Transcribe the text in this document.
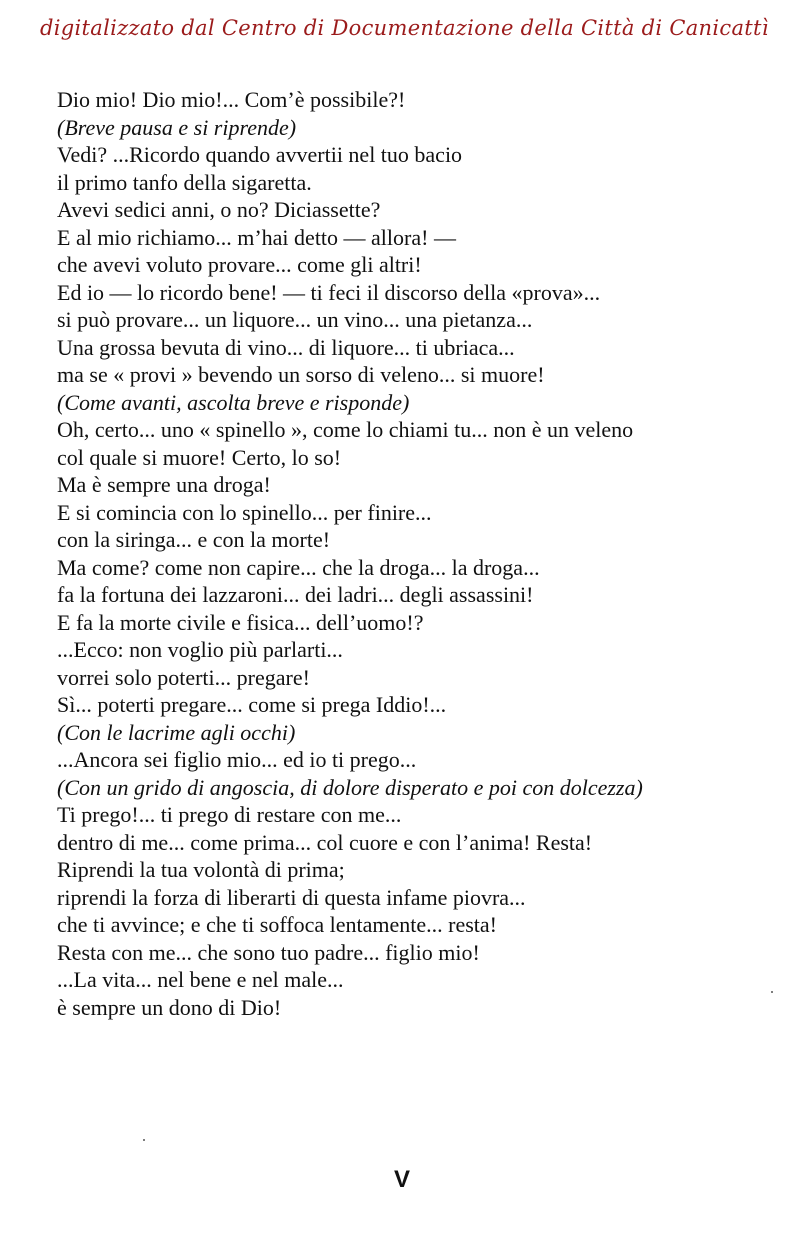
digitalizzato dal Centro di Documentazione della Città di Canicattì
Dio mio! Dio mio!... Com’è possibile?!
(Breve pausa e si riprende)
Vedi? ...Ricordo quando avvertii nel tuo bacio
il primo tanfo della sigaretta.
Avevi sedici anni, o no? Diciassette?
E al mio richiamo... m’hai detto — allora! —
che avevi voluto provare... come gli altri!
Ed io — lo ricordo bene! — ti feci il discorso della «prova»...
si può provare... un liquore... un vino... una pietanza...
Una grossa bevuta di vino... di liquore... ti ubriaca...
ma se « provi » bevendo un sorso di veleno... si muore!
(Come avanti, ascolta breve e risponde)
Oh, certo... uno « spinello », come lo chiami tu... non è un veleno
col quale si muore! Certo, lo so!
Ma è sempre una droga!
E si comincia con lo spinello... per finire...
con la siringa... e con la morte!
Ma come? come non capire... che la droga... la droga...
fa la fortuna dei lazzaroni... dei ladri... degli assassini!
E fa la morte civile e fisica... dell’uomo!?
...Ecco: non voglio più parlarti...
vorrei solo poterti... pregare!
Sì... poterti pregare... come si prega Iddio!...
(Con le lacrime agli occhi)
...Ancora sei figlio mio... ed io ti prego...
(Con un grido di angoscia, di dolore disperato e poi con dolcezza)
Ti prego!... ti prego di restare con me...
dentro di me... come prima... col cuore e con l’anima! Resta!
Riprendi la tua volontà di prima;
riprendi la forza di liberarti di questa infame piovra...
che ti avvince; e che ti soffoca lentamente... resta!
Resta con me... che sono tuo padre... figlio mio!
...La vita... nel bene e nel male...
è sempre un dono di Dio!
V
